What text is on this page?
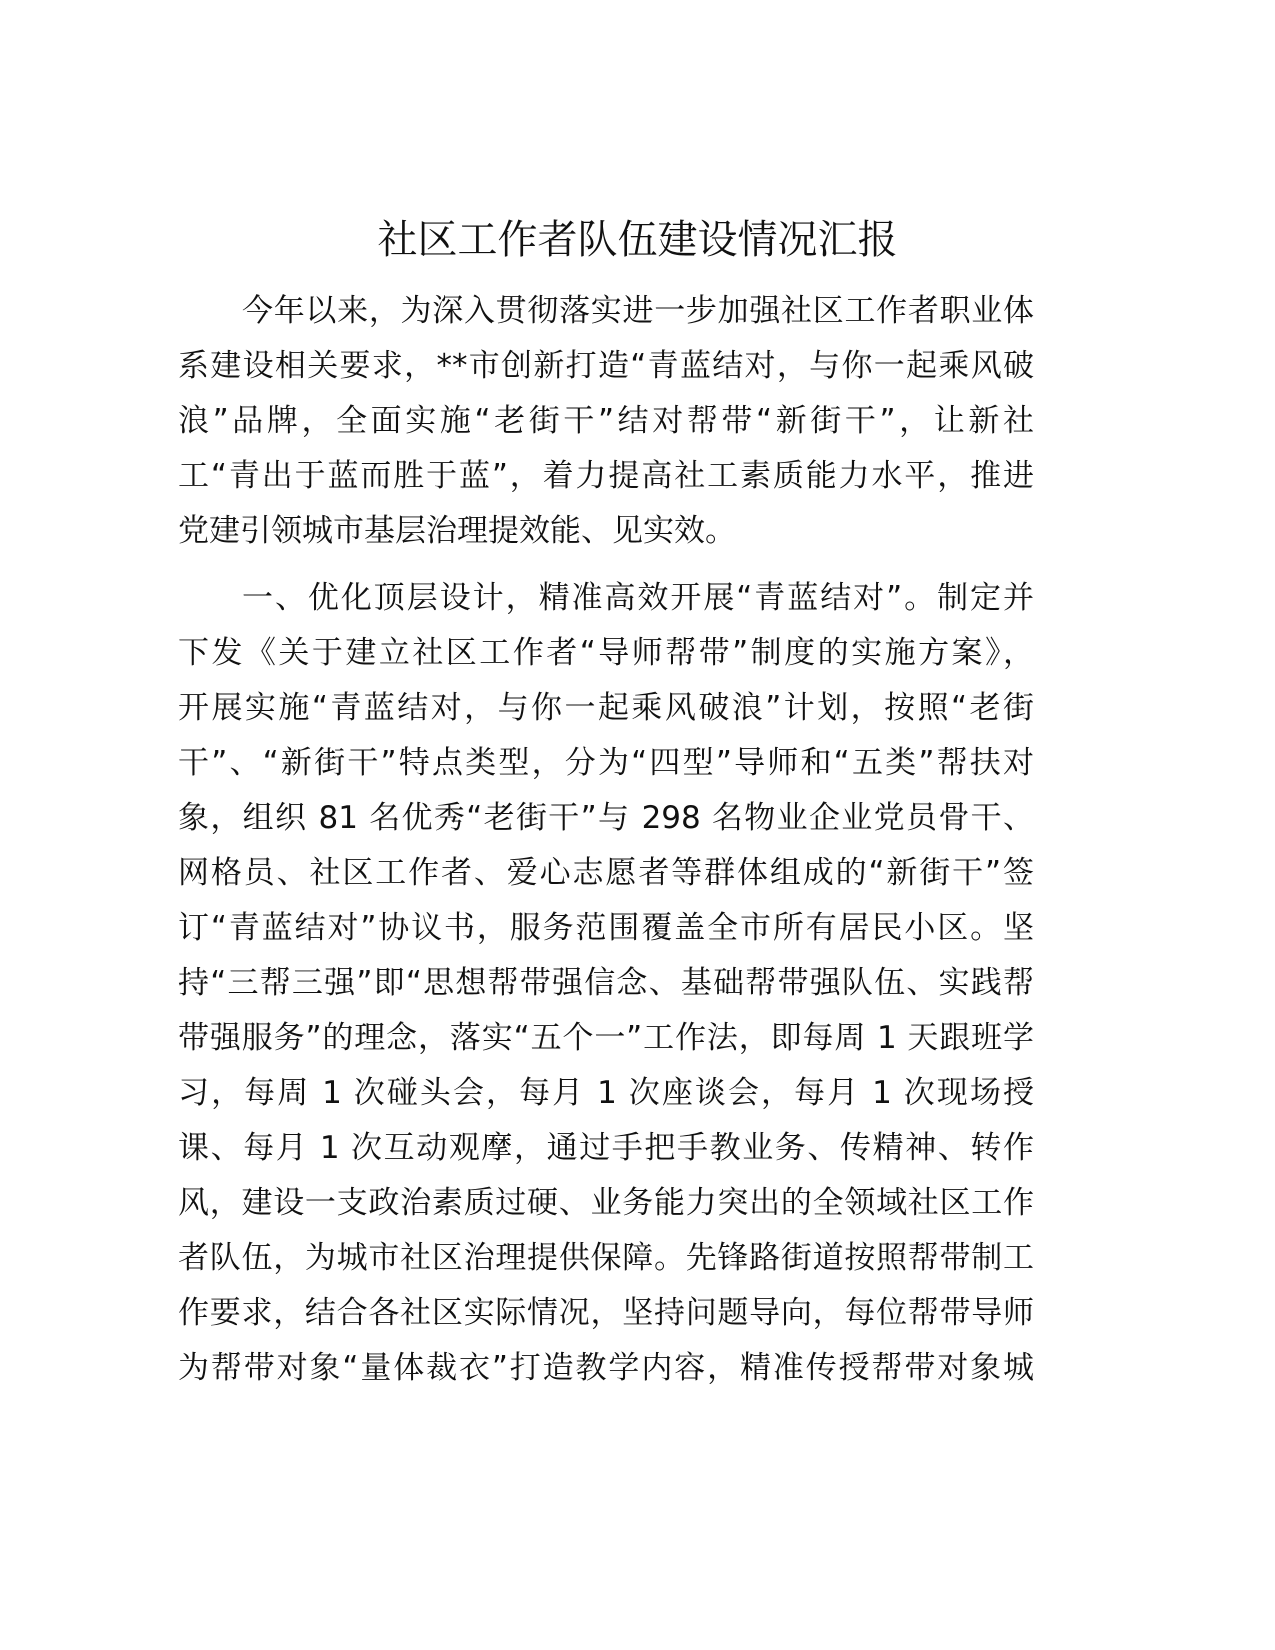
社区工作者队伍建设情况汇报
今年以来，为深入贯彻落实进一步加强社区工作者职业体
系建设相关要求，**市创新打造“青蓝结对，与你一起乘风破
浪”品牌，全面实施“老街干”结对帮带“新街干”，让新社
工“青出于蓝而胜于蓝”，着力提高社工素质能力水平，推进
党建引领城市基层治理提效能、见实效。
一、优化顶层设计，精准高效开展“青蓝结对”。制定并
下发《关于建立社区工作者“导师帮带”制度的实施方案》，
开展实施“青蓝结对，与你一起乘风破浪”计划，按照“老街
干”、“新街干”特点类型，分为“四型”导师和“五类”帮扶对
象，组织 81 名优秀“老街干”与 298 名物业企业党员骨干、
网格员、社区工作者、爱心志愿者等群体组成的“新街干”签
订“青蓝结对”协议书，服务范围覆盖全市所有居民小区。坚
持“三帮三强”即“思想帮带强信念、基础帮带强队伍、实践帮
带强服务”的理念，落实“五个一”工作法，即每周 1 天跟班学
习，每周 1 次碰头会，每月 1 次座谈会，每月 1 次现场授
课、每月 1 次互动观摩，通过手把手教业务、传精神、转作
风，建设一支政治素质过硬、业务能力突出的全领域社区工作
者队伍，为城市社区治理提供保障。先锋路街道按照帮带制工
作要求，结合各社区实际情况，坚持问题导向，每位帮带导师
为帮带对象“量体裁衣”打造教学内容，精准传授帮带对象城
